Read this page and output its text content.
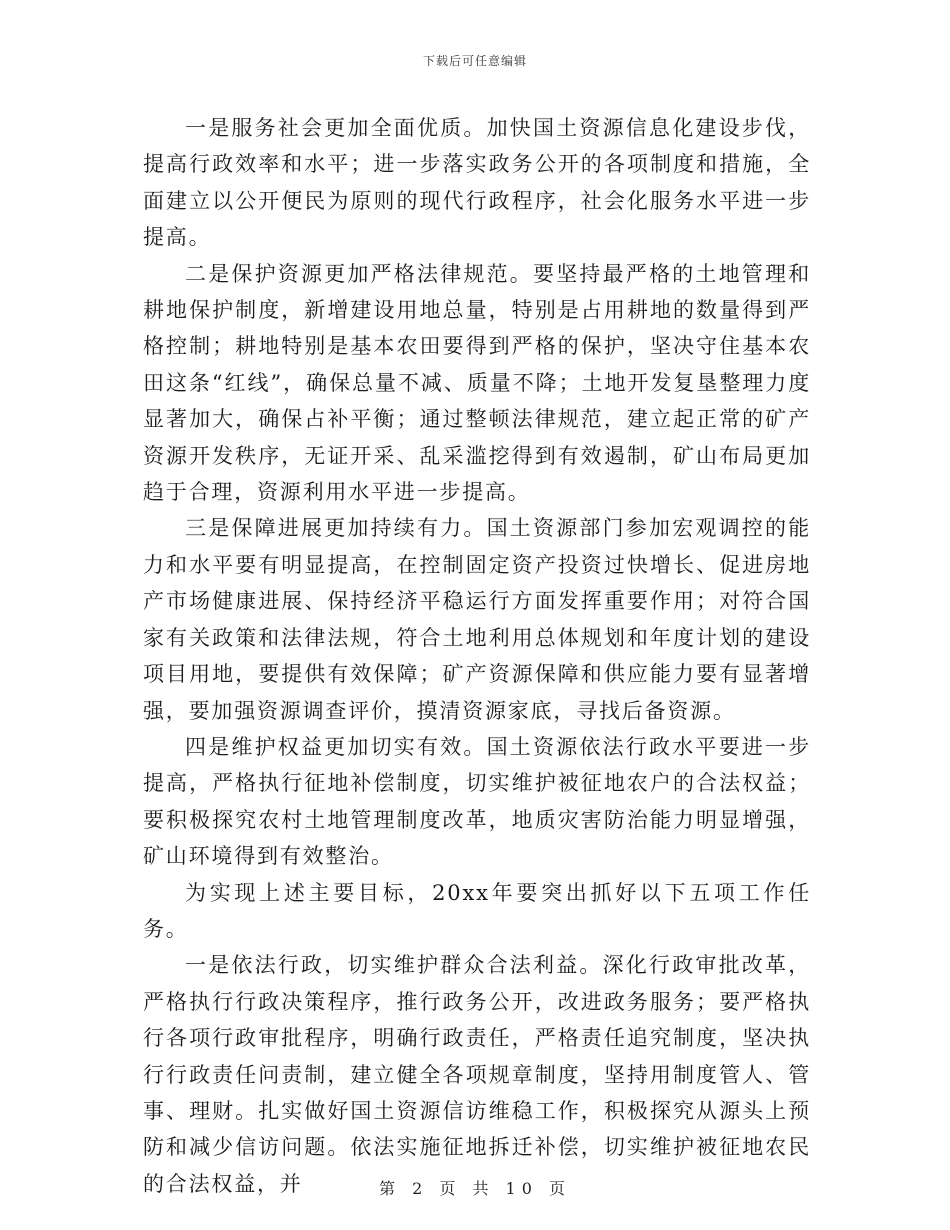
下载后可任意编辑

一是服务社会更加全面优质。加快国土资源信息化建设步伐，提高行政效率和水平；进一步落实政务公开的各项制度和措施，全面建立以公开便民为原则的现代行政程序，社会化服务水平进一步提高。

二是保护资源更加严格法律规范。要坚持最严格的土地管理和耕地保护制度，新增建设用地总量，特别是占用耕地的数量得到严格控制；耕地特别是基本农田要得到严格的保护，坚决守住基本农田这条“红线”，确保总量不减、质量不降；土地开发复垦整理力度显著加大，确保占补平衡；通过整顿法律规范，建立起正常的矿产资源开发秩序，无证开采、乱采滥挖得到有效遏制，矿山布局更加趋于合理，资源利用水平进一步提高。

三是保障进展更加持续有力。国土资源部门参加宏观调控的能力和水平要有明显提高，在控制固定资产投资过快增长、促进房地产市场健康进展、保持经济平稳运行方面发挥重要作用；对符合国家有关政策和法律法规，符合土地利用总体规划和年度计划的建设项目用地，要提供有效保障；矿产资源保障和供应能力要有显著增强，要加强资源调查评价，摸清资源家底，寻找后备资源。

四是维护权益更加切实有效。国土资源依法行政水平要进一步提高，严格执行征地补偿制度，切实维护被征地农户的合法权益；要积极探究农村土地管理制度改革，地质灾害防治能力明显增强，矿山环境得到有效整治。

为实现上述主要目标，20xx年要突出抓好以下五项工作任务。

一是依法行政，切实维护群众合法利益。深化行政审批改革，严格执行行政决策程序，推行政务公开，改进政务服务；要严格执行各项行政审批程序，明确行政责任，严格责任追究制度，坚决执行行政责任问责制，建立健全各项规章制度，坚持用制度管人、管事、理财。扎实做好国土资源信访维稳工作，积极探究从源头上预防和减少信访问题。依法实施征地拆迁补偿，切实维护被征地农民的合法权益，并	第 2 页 共 10 页
